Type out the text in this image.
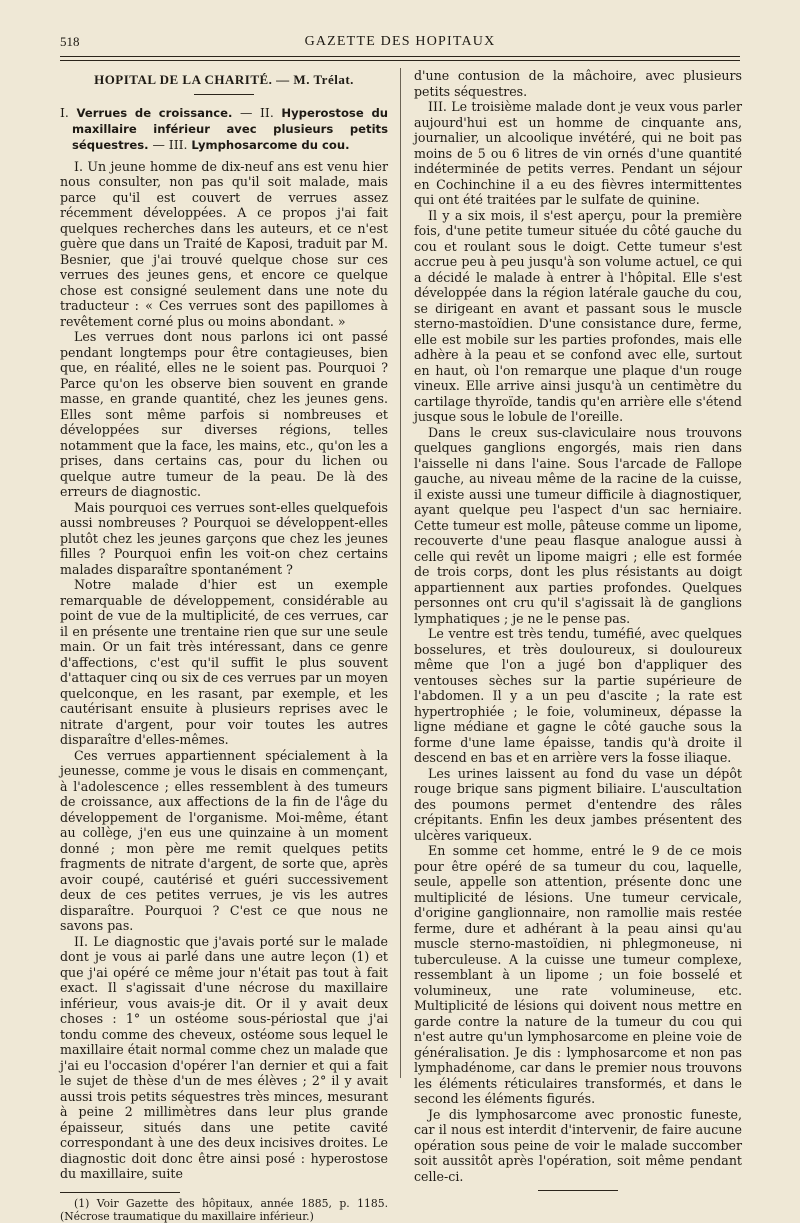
518	GAZETTE DES HOPITAUX
HOPITAL DE LA CHARITÉ. — M. Trélat.
I. Verrues de croissance. — II. Hyperostose du maxillaire inférieur avec plusieurs petits séquestres. — III. Lymphosarcome du cou.

I. Un jeune homme de dix-neuf ans est venu hier nous consulter, non pas qu'il soit malade, mais parce qu'il est couvert de verrues assez récemment développées. A ce propos j'ai fait quelques recherches dans les auteurs, et ce n'est guère que dans un Traité de Kaposi, traduit par M. Besnier, que j'ai trouvé quelque chose sur ces verrues des jeunes gens, et encore ce quelque chose est consigné seulement dans une note du traducteur : « Ces verrues sont des papillomes à revêtement corné plus ou moins abondant. »

Les verrues dont nous parlons ici ont passé pendant longtemps pour être contagieuses, bien que, en réalité, elles ne le soient pas. Pourquoi ? Parce qu'on les observe bien souvent en grande masse, en grande quantité, chez les jeunes gens. Elles sont même parfois si nombreuses et développées sur diverses régions, telles notamment que la face, les mains, etc., qu'on les a prises, dans certains cas, pour du lichen ou quelque autre tumeur de la peau. De là des erreurs de diagnostic.

Mais pourquoi ces verrues sont-elles quelquefois aussi nombreuses ? Pourquoi se développent-elles plutôt chez les jeunes garçons que chez les jeunes filles ? Pourquoi enfin les voit-on chez certains malades disparaître spontanément ?

Notre malade d'hier est un exemple remarquable de développement, considérable au point de vue de la multiplicité, de ces verrues, car il en présente une trentaine rien que sur une seule main. Or un fait très intéressant, dans ce genre d'affections, c'est qu'il suffit le plus souvent d'attaquer cinq ou six de ces verrues par un moyen quelconque, en les rasant, par exemple, et les cautérisant ensuite à plusieurs reprises avec le nitrate d'argent, pour voir toutes les autres disparaître d'elles-mêmes.

Ces verrues appartiennent spécialement à la jeunesse, comme je vous le disais en commençant, à l'adolescence ; elles ressemblent à des tumeurs de croissance, aux affections de la fin de l'âge du développement de l'organisme. Moi-même, étant au collège, j'en eus une quinzaine à un moment donné ; mon père me remit quelques petits fragments de nitrate d'argent, de sorte que, après avoir coupé, cautérisé et guéri successivement deux de ces petites verrues, je vis les autres disparaître. Pourquoi ? C'est ce que nous ne savons pas.

II. Le diagnostic que j'avais porté sur le malade dont je vous ai parlé dans une autre leçon (1) et que j'ai opéré ce même jour n'était pas tout à fait exact. Il s'agissait d'une nécrose du maxillaire inférieur, vous avais-je dit. Or il y avait deux choses : 1° un ostéome sous-périostal que j'ai tondu comme des cheveux, ostéome sous lequel le maxillaire était normal comme chez un malade que j'ai eu l'occasion d'opérer l'an dernier et qui a fait le sujet de thèse d'un de mes élèves ; 2° il y avait aussi trois petits séquestres très minces, mesurant à peine 2 millimètres dans leur plus grande épaisseur, situés dans une petite cavité correspondant à une des deux incisives droites. Le diagnostic doit donc être ainsi posé : hyperostose du maxillaire, suite

(1) Voir Gazette des hôpitaux, année 1885, p. 1185. (Nécrose traumatique du maxillaire inférieur.)

d'une contusion de la mâchoire, avec plusieurs petits séquestres.

III. Le troisième malade dont je veux vous parler aujourd'hui est un homme de cinquante ans, journalier, un alcoolique invétéré, qui ne boit pas moins de 5 ou 6 litres de vin ornés d'une quantité indéterminée de petits verres. Pendant un séjour en Cochinchine il a eu des fièvres intermittentes qui ont été traitées par le sulfate de quinine.

Il y a six mois, il s'est aperçu, pour la première fois, d'une petite tumeur située du côté gauche du cou et roulant sous le doigt. Cette tumeur s'est accrue peu à peu jusqu'à son volume actuel, ce qui a décidé le malade à entrer à l'hôpital. Elle s'est développée dans la région latérale gauche du cou, se dirigeant en avant et passant sous le muscle sterno-mastoïdien. D'une consistance dure, ferme, elle est mobile sur les parties profondes, mais elle adhère à la peau et se confond avec elle, surtout en haut, où l'on remarque une plaque d'un rouge vineux. Elle arrive ainsi jusqu'à un centimètre du cartilage thyroïde, tandis qu'en arrière elle s'étend jusque sous le lobule de l'oreille.

Dans le creux sus-claviculaire nous trouvons quelques ganglions engorgés, mais rien dans l'aisselle ni dans l'aine. Sous l'arcade de Fallope gauche, au niveau même de la racine de la cuisse, il existe aussi une tumeur difficile à diagnostiquer, ayant quelque peu l'aspect d'un sac herniaire. Cette tumeur est molle, pâteuse comme un lipome, recouverte d'une peau flasque analogue aussi à celle qui revêt un lipome maigri ; elle est formée de trois corps, dont les plus résistants au doigt appartiennent aux parties profondes. Quelques personnes ont cru qu'il s'agissait là de ganglions lymphatiques ; je ne le pense pas.

Le ventre est très tendu, tuméfié, avec quelques bosselures, et très douloureux, si douloureux même que l'on a jugé bon d'appliquer des ventouses sèches sur la partie supérieure de l'abdomen. Il y a un peu d'ascite ; la rate est hypertrophiée ; le foie, volumineux, dépasse la ligne médiane et gagne le côté gauche sous la forme d'une lame épaisse, tandis qu'à droite il descend en bas et en arrière vers la fosse iliaque.

Les urines laissent au fond du vase un dépôt rouge brique sans pigment biliaire. L'auscultation des poumons permet d'entendre des râles crépitants. Enfin les deux jambes présentent des ulcères variqueux.

En somme cet homme, entré le 9 de ce mois pour être opéré de sa tumeur du cou, laquelle, seule, appelle son attention, présente donc une multiplicité de lésions. Une tumeur cervicale, d'origine ganglionnaire, non ramollie mais restée ferme, dure et adhérant à la peau ainsi qu'au muscle sterno-mastoïdien, ni phlegmoneuse, ni tuberculeuse. A la cuisse une tumeur complexe, ressemblant à un lipome ; un foie bosselé et volumineux, une rate volumineuse, etc. Multiplicité de lésions qui doivent nous mettre en garde contre la nature de la tumeur du cou qui n'est autre qu'un lymphosarcome en pleine voie de généralisation. Je dis : lymphosarcome et non pas lymphadénome, car dans le premier nous trouvons les éléments réticulaires transformés, et dans le second les éléments figurés.

Je dis lymphosarcome avec pronostic funeste, car il nous est interdit d'intervenir, de faire aucune opération sous peine de voir le malade succomber soit aussitôt après l'opération, soit même pendant celle-ci.
